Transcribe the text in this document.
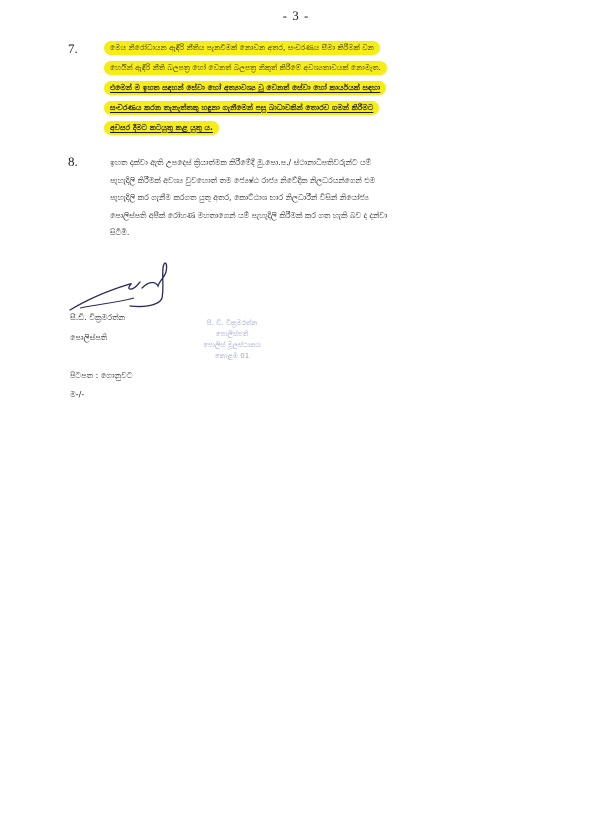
- 3 -
7.	මෙය නිරෝධායන ඇඳිරි නීතිය පැනවීමක් නොවන අතර, සංචරණය සීමා කිරීමක් වන
හෙයින් ඇඳිරි නීති බලපත්‍ර හෝ වෙනත් බලපත්‍ර නිකුත් කිරීමේ අවශ්‍යතාවයක් නොමැත.
එමෙන් ම ඉහත සඳහන් සේවා හෝ අත්‍යාවශ්‍ය වූ වෙනත් සේවා හෝ කාර්යයක් සඳහා
සංචරණය කරන තැනැත්තකු හඳුනා ගැනීමෙන් පසු බාධාවකින් තොරව ගමන් කිරීමට
අවසර දීමට කටයුතු කළ යුතු ය.
8.	ඉහත දක්වා ඇති උපදෙස් ක්‍රියාත්මක කිරීමේදී මු.පො.ප./ ස්ථානාධිපතිවරුන්ට යම්
පැහැදිලි කිරීමක් අවශ්‍ය වුවහොත් තම ජ්‍යෙෂ්ඨ රාජ්‍ය නිවේදික නිලධරයන්ගෙන් එම
පැහැදිලි කර ගැනීම කරගත යුතු අතර, කොට්ඨාශ භාර නිලධාරීන් විසින් නියෝජ්‍ය
පොලිස්පති අපීක් රෝහණ මහතාගෙන් යම් පැහැදිලි කිරීමක් කර ගත හැකි බව ද දන්වා
සිටිමි.
සී.ඩී. වික්‍රමරත්න
පොලිස්පති
සී. ඩී. වික්‍රමරත්න
පොලිස්පති
පොලිස් මූලස්ථානය
කොළඹ 01
පිටපත : ගොනුවට
ම-/-
